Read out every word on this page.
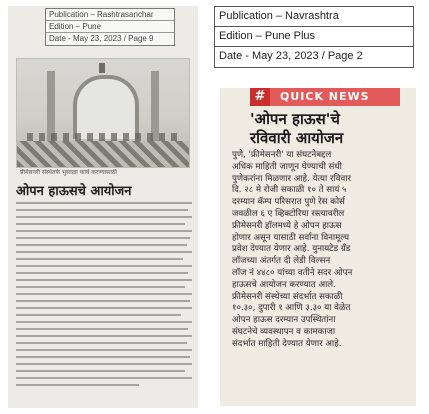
Publication – Rashtrasanchar
Edition – Pune
Date - May 23, 2023 / Page 9
प्रीमेसनरी संस्थेतर्फे भुसाळा कार्य करण्यासाठी
ओपन हाऊसचे आयोजन
Publication – Navrashtra
Edition – Pune Plus
Date - May 23, 2023 / Page 2
#	QUICK NEWS
'ओपन हाऊस'चे
रविवारी आयोजन
पुणे, 'फ्रीमेसनरी' या संघटनेबद्दल
अधिक माहिती जाणून घेण्याची संधी
पुणेकरांना मिळणार आहे. येत्या रविवार
दि. २८ मे रोजी सकाळी १० ते सायं ५
दरम्यान कॅम्प परिसरात पुणे रेस कोर्स
जवळील ६ ए व्हिक्टोरिया रस्त्यावरील
फ्रीमेसनरी हॉलमध्ये हे ओपन हाऊस
होणार असून यासाठी सर्वांना विनामूल्य
प्रवेश देण्यात येणार आहे. युनायटेड ग्रँड
लॉजच्या अंतर्गत दी लेडी विल्सन
लॉज नं ४४८० यांच्या वतीने सदर ओपन
हाऊसचे आयोजन करण्यात आले.
फ्रीमेसनरी संस्थेच्या संदर्भात सकाळी
१०.३०, दुपारी १ आणि ३.३० या वेळेत
ओपन हाऊस दरम्यान उपस्थितांना
संघटनेचे व्यवस्थापन व कामकाजा
संदर्भात माहिती देण्यात येणार आहे.
